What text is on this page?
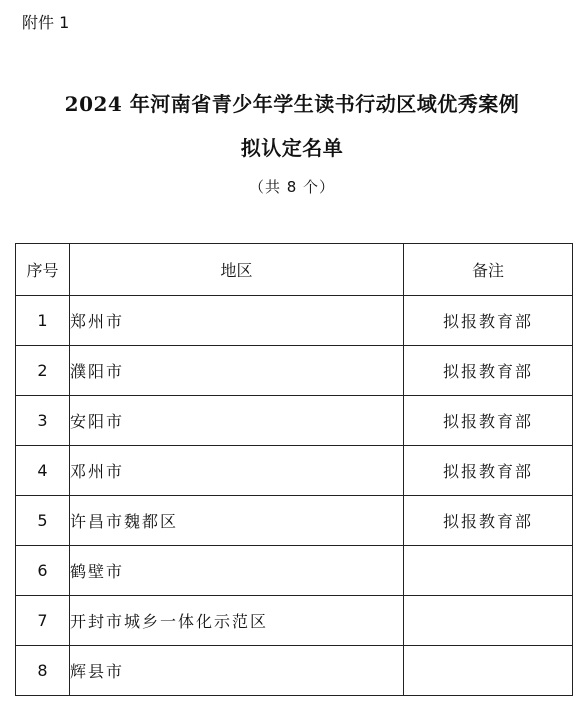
附件 1
2024 年河南省青少年学生读书行动区域优秀案例
拟认定名单
（共 8 个）
序号	地区	备注
1	郑州市	拟报教育部
2	濮阳市	拟报教育部
3	安阳市	拟报教育部
4	邓州市	拟报教育部
5	许昌市魏都区	拟报教育部
6	鹤壁市	
7	开封市城乡一体化示范区	
8	辉县市	
